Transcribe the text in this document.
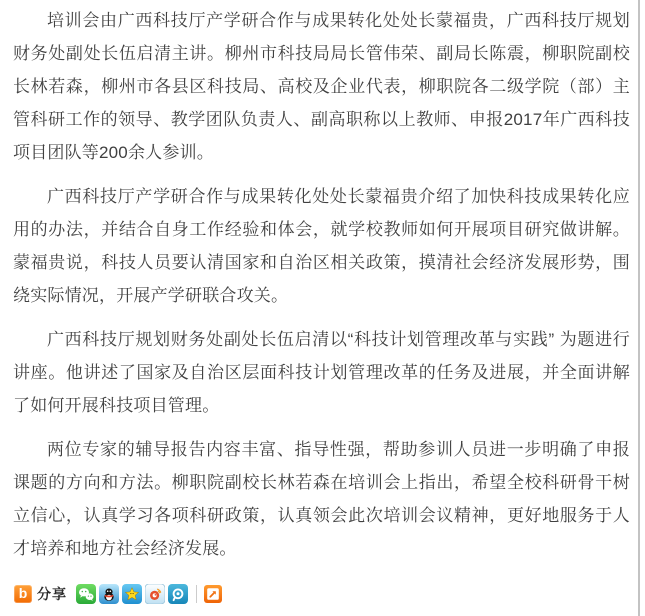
培训会由广西科技厅产学研合作与成果转化处处长蒙福贵，广西科技厅规划财务处副处长伍启清主讲。柳州市科技局局长管伟荣、副局长陈震，柳职院副校长林若森，柳州市各县区科技局、高校及企业代表，柳职院各二级学院（部）主管科研工作的领导、教学团队负责人、副高职称以上教师、申报2017年广西科技项目团队等200余人参训。

广西科技厅产学研合作与成果转化处处长蒙福贵介绍了加快科技成果转化应用的办法，并结合自身工作经验和体会，就学校教师如何开展项目研究做讲解。蒙福贵说，科技人员要认清国家和自治区相关政策，摸清社会经济发展形势，围绕实际情况，开展产学研联合攻关。

广西科技厅规划财务处副处长伍启清以“科技计划管理改革与实践” 为题进行讲座。他讲述了国家及自治区层面科技计划管理改革的任务及进展，并全面讲解了如何开展科技项目管理。

两位专家的辅导报告内容丰富、指导性强，帮助参训人员进一步明确了申报课题的方向和方法。柳职院副校长林若森在培训会上指出，希望全校科研骨干树立信心，认真学习各项科研政策，认真领会此次培训会议精神，更好地服务于人才培养和地方社会经济发展。

b 分享
